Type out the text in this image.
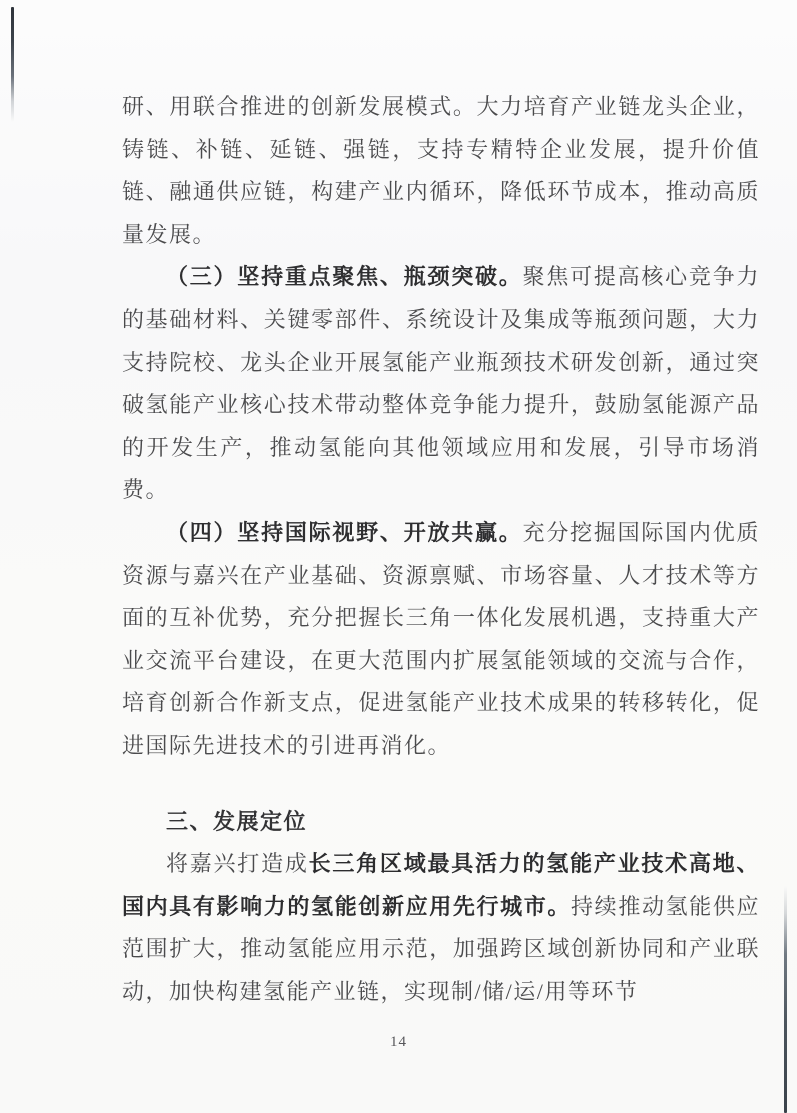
研、用联合推进的创新发展模式。大力培育产业链龙头企业，铸链、补链、延链、强链，支持专精特企业发展，提升价值链、融通供应链，构建产业内循环，降低环节成本，推动高质量发展。

（三）坚持重点聚焦、瓶颈突破。聚焦可提高核心竞争力的基础材料、关键零部件、系统设计及集成等瓶颈问题，大力支持院校、龙头企业开展氢能产业瓶颈技术研发创新，通过突破氢能产业核心技术带动整体竞争能力提升，鼓励氢能源产品的开发生产，推动氢能向其他领域应用和发展，引导市场消费。

（四）坚持国际视野、开放共赢。充分挖掘国际国内优质资源与嘉兴在产业基础、资源禀赋、市场容量、人才技术等方面的互补优势，充分把握长三角一体化发展机遇，支持重大产业交流平台建设，在更大范围内扩展氢能领域的交流与合作，培育创新合作新支点，促进氢能产业技术成果的转移转化，促进国际先进技术的引进再消化。

三、发展定位

将嘉兴打造成长三角区域最具活力的氢能产业技术高地、国内具有影响力的氢能创新应用先行城市。持续推动氢能供应范围扩大，推动氢能应用示范，加强跨区域创新协同和产业联动，加快构建氢能产业链，实现制/储/运/用等环节

14
